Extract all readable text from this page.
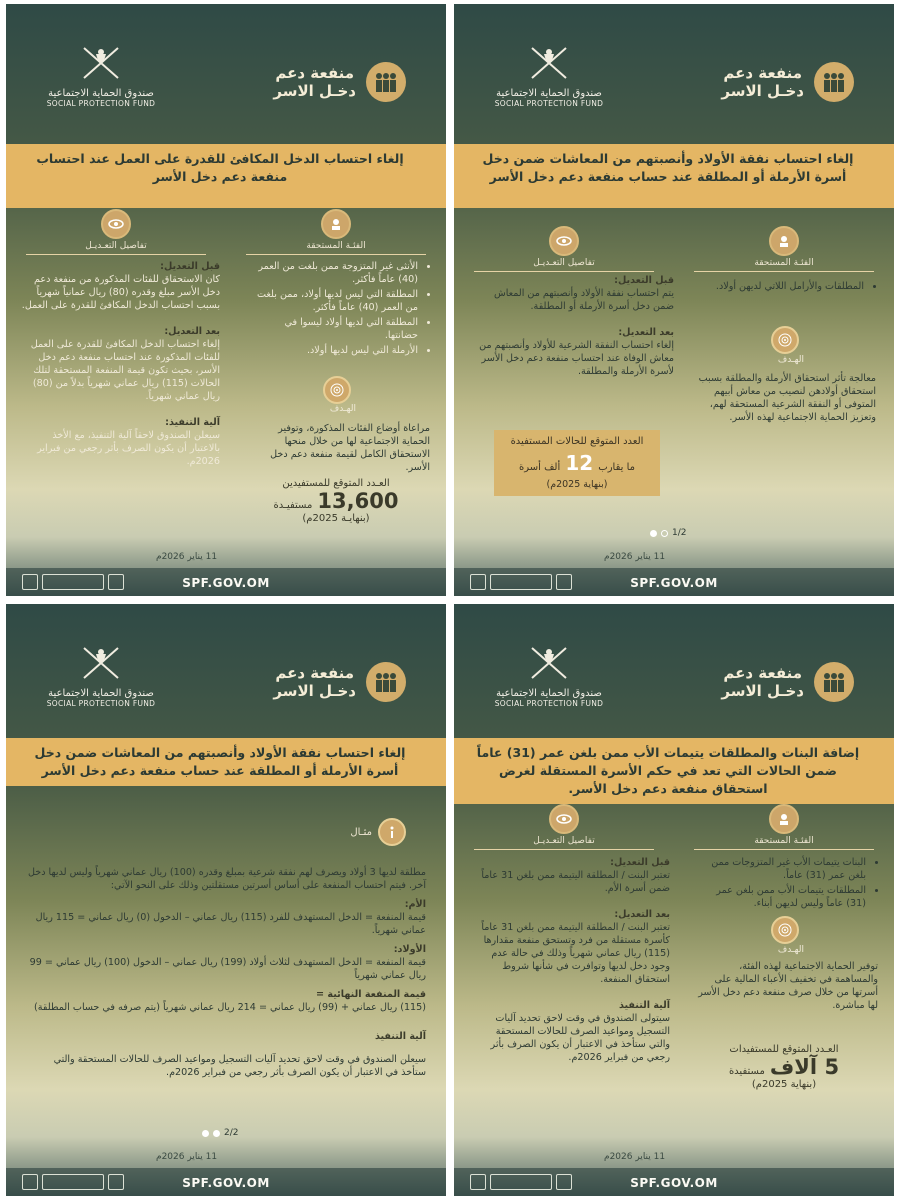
صندوق الحماية الاجتماعية
SOCIAL PROTECTION FUND
منفعة دعم
دخـل الاسر
إلغاء احتساب الدخل المكافئ للقدرة على العمل عند احتساب منفعة دعم دخل الأسر
الفئـة المستحقة
تفاصيل التعـديـل
• الأنثى غير المتزوجة ممن بلغت من العمر (40) عاماً فأكثر.
• المطلقة التي ليس لديها أولاد، ممن بلغت من العمر (40) عاماً فأكثر.
• المطلقة التي لديها أولاد ليسوا في حضانتها.
• الأرملة التي ليس لديها أولاد.
قبل التعديل:
كان الاستحقاق للفئات المذكورة من منفعة دعم دخل الأسر مبلغ وقدره (80) ريال عمانياً شهرياً بسبب احتساب الدخل المكافئ للقدرة على العمل.

بعد التعديل:
إلغاء احتساب الدخل المكافئ للقدرة على العمل للفئات المذكورة عند احتساب منفعة دعم دخل الأسر، بحيث تكون قيمة المنفعة المستحقة لتلك الحالات (115) ريال عماني شهرياً بدلاً من (80) ريال عماني شهرياً.

آلية التنفيذ:
سيعلن الصندوق لاحقاً آلية التنفيذ، مع الأخذ بالاعتبار أن يكون الصرف بأثر رجعي من فبراير 2026م.
الهـدف
مراعاة أوضاع الفئات المذكورة، وتوفير الحماية الاجتماعية لها من خلال منحها الاستحقاق الكامل لقيمة منفعة دعم دخل الأسر.
العـدد المتوقع للمستفيدين
13,600 مستفيـدة
(بنهايـة 2025م)
11 يناير 2026م
SPF.GOV.OM
صندوق الحماية الاجتماعية
SOCIAL PROTECTION FUND
منفعة دعم
دخـل الاسر
إلغاء احتساب نفقة الأولاد وأنصبتهم من المعاشات ضمن دخل أسرة الأرملة أو المطلقة عند حساب منفعة دعم دخل الأسر
الفئـة المستحقة
تفاصيل التعـديـل
• المطلقات والأرامل اللاتي لديهن أولاد.
قبل التعديل:
يتم احتساب نفقة الأولاد وأنصبتهم من المعاش ضمن دخل أسرة الأرملة أو المطلقة.

بعد التعديل:
إلغاء احتساب النفقة الشرعية للأولاد وأنصبتهم من معاش الوفاة عند احتساب منفعة دعم دخل الأسر لأسرة الأرملة والمطلقة.
الهـدف
معالجة تأثر استحقاق الأرملة والمطلقة بسبب استحقاق أولادهن لنصيب من معاش أبيهم المتوفى أو النفقة الشرعية المستحقة لهم، وتعزيز الحماية الاجتماعية لهذه الأسر.
العدد المتوقع للحالات المستفيدة
ما يقارب 12 ألف أسرة
(بنهاية 2025م)
1/2
11 يناير 2026م
SPF.GOV.OM
صندوق الحماية الاجتماعية
SOCIAL PROTECTION FUND
منفعة دعم
دخـل الاسر
إلغاء احتساب نفقة الأولاد وأنصبتهم من المعاشات ضمن دخل أسرة الأرملة أو المطلقة عند حساب منفعة دعم دخل الأسر
مثـال
مطلقة لديها 3 أولاد ويصرف لهم نفقة شرعية بمبلغ وقدره (100) ريال عماني شهرياً وليس لديها دخل آخر. فيتم احتساب المنفعة على أساس أسرتين مستقلتين وذلك على النحو الآتي:
الأم:
قيمة المنفعة = الدخل المستهدف للفرد (115) ريال عماني – الدخول (0) ريال عماني = 115 ريال عماني شهرياً.
الأولاد:
قيمة المنفعة = الدخل المستهدف لثلاث أولاد (199) ريال عماني – الدخول (100) ريال عماني = 99 ريال عماني شهرياً
قيمة المنفعة النهائية =
(115) ريال عماني + (99) ريال عماني = 214 ريال عماني شهرياً (يتم صرفه في حساب المطلقة)
آلية التنفيذ
سيعلن الصندوق في وقت لاحق تحديد آليات التسجيل ومواعيد الصرف للحالات المستحقة والتي ستأخذ في الاعتبار أن يكون الصرف بأثر رجعي من فبراير 2026م.
2/2
11 يناير 2026م
SPF.GOV.OM
صندوق الحماية الاجتماعية
SOCIAL PROTECTION FUND
منفعة دعم
دخـل الاسر
إضافة البنات والمطلقات يتيمات الأب ممن بلغن عمر (31) عاماً ضمن الحالات التي تعد في حكم الأسرة المستقلة لغرض استحقاق منفعة دعم دخل الأسر.
الفئـة المستحقة
تفاصيل التعـديـل
• البنات يتيمات الأب غير المتزوجات ممن بلغن عمر (31) عاماً.
• المطلقات يتيمات الأب ممن بلغن عمر (31) عاماً وليس لديهن أبناء.
قبل التعديل:
تعتبر البنت / المطلقة اليتيمة ممن بلغن 31 عاماً ضمن أسرة الأم.

بعد التعديل:
تعتبر البنت / المطلقة اليتيمة ممن بلغن 31 عاماً كأسرة مستقلة من فرد وتستحق منفعة مقدارها (115) ريال عماني شهرياً وذلك في حالة عدم وجود دخل لديها وتوافرت في شأنها شروط استحقاق المنفعة.

آلية التنفيذ
سيتولى الصندوق في وقت لاحق تحديد آليات التسجيل ومواعيد الصرف للحالات المستحقة والتي ستأخذ في الاعتبار أن يكون الصرف بأثر رجعي من فبراير 2026م.
الهـدف
توفير الحماية الاجتماعية لهذه الفئة، والمساهمة في تخفيف الأعباء المالية على أسرتها من خلال صرف منفعة دعم دخل الأسر لها مباشرة.
العـدد المتوقع للمستفيدات
5 آلاف مستفيدة
(بنهاية 2025م)
11 يناير 2026م
SPF.GOV.OM
